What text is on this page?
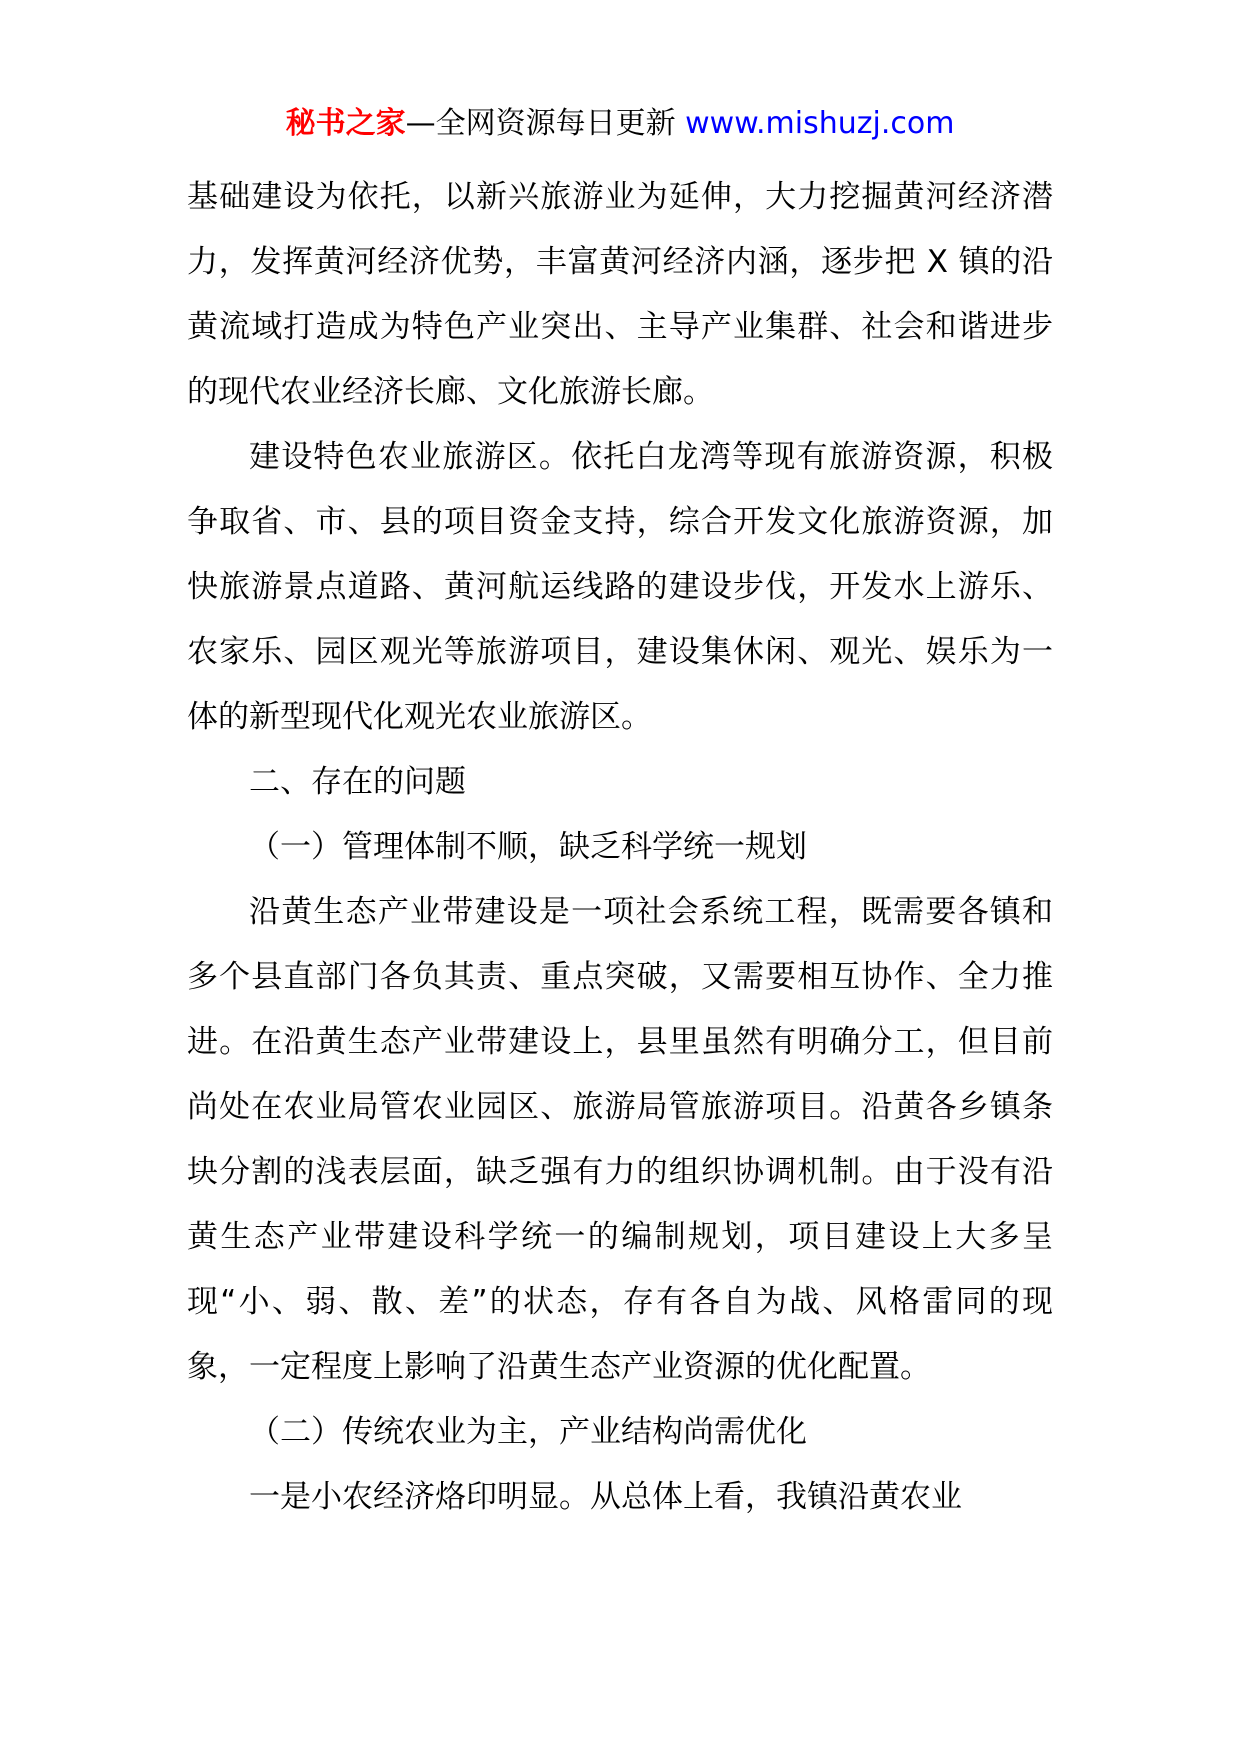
秘书之家—全网资源每日更新 www.mishuzj.com

基础建设为依托，以新兴旅游业为延伸，大力挖掘黄河经济潜力，发挥黄河经济优势，丰富黄河经济内涵，逐步把 X 镇的沿黄流域打造成为特色产业突出、主导产业集群、社会和谐进步的现代农业经济长廊、文化旅游长廊。

建设特色农业旅游区。依托白龙湾等现有旅游资源，积极争取省、市、县的项目资金支持，综合开发文化旅游资源，加快旅游景点道路、黄河航运线路的建设步伐，开发水上游乐、农家乐、园区观光等旅游项目，建设集休闲、观光、娱乐为一体的新型现代化观光农业旅游区。

二、存在的问题

（一）管理体制不顺，缺乏科学统一规划

沿黄生态产业带建设是一项社会系统工程，既需要各镇和多个县直部门各负其责、重点突破，又需要相互协作、全力推进。在沿黄生态产业带建设上，县里虽然有明确分工，但目前尚处在农业局管农业园区、旅游局管旅游项目。沿黄各乡镇条块分割的浅表层面，缺乏强有力的组织协调机制。由于没有沿黄生态产业带建设科学统一的编制规划，项目建设上大多呈现“小、弱、散、差”的状态，存有各自为战、风格雷同的现象，一定程度上影响了沿黄生态产业资源的优化配置。

（二）传统农业为主，产业结构尚需优化

一是小农经济烙印明显。从总体上看，我镇沿黄农业
